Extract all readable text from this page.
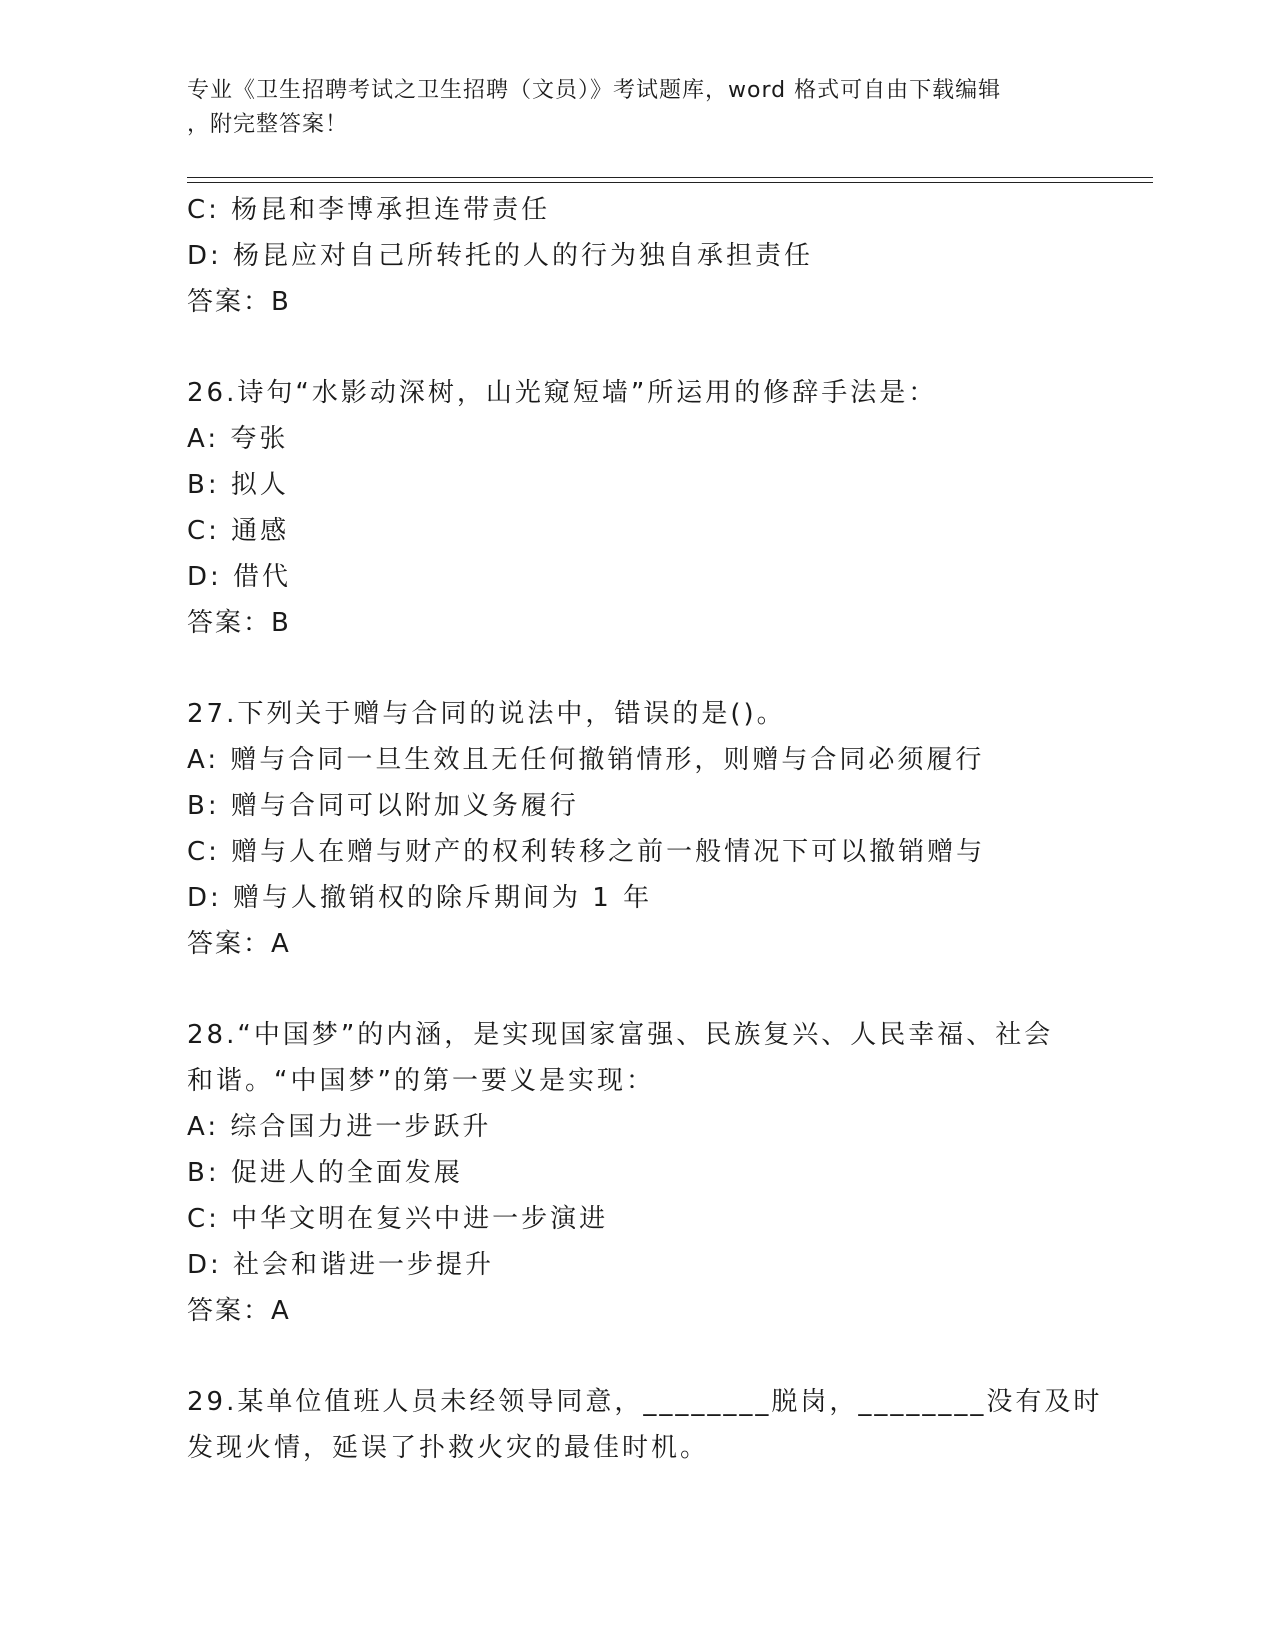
专业《卫生招聘考试之卫生招聘（文员）》考试题库，word 格式可自由下载编辑
，附完整答案！
C: 杨昆和李博承担连带责任
D: 杨昆应对自己所转托的人的行为独自承担责任
答案：B
26.诗句“水影动深树，山光窥短墙”所运用的修辞手法是：
A: 夸张
B: 拟人
C: 通感
D: 借代
答案：B
27.下列关于赠与合同的说法中，错误的是()。
A: 赠与合同一旦生效且无任何撤销情形，则赠与合同必须履行
B: 赠与合同可以附加义务履行
C: 赠与人在赠与财产的权利转移之前一般情况下可以撤销赠与
D: 赠与人撤销权的除斥期间为 1 年
答案：A
28.“中国梦”的内涵，是实现国家富强、民族复兴、人民幸福、社会
和谐。“中国梦”的第一要义是实现：
A: 综合国力进一步跃升
B: 促进人的全面发展
C: 中华文明在复兴中进一步演进
D: 社会和谐进一步提升
答案：A
29.某单位值班人员未经领导同意，________脱岗，________没有及时
发现火情，延误了扑救火灾的最佳时机。
